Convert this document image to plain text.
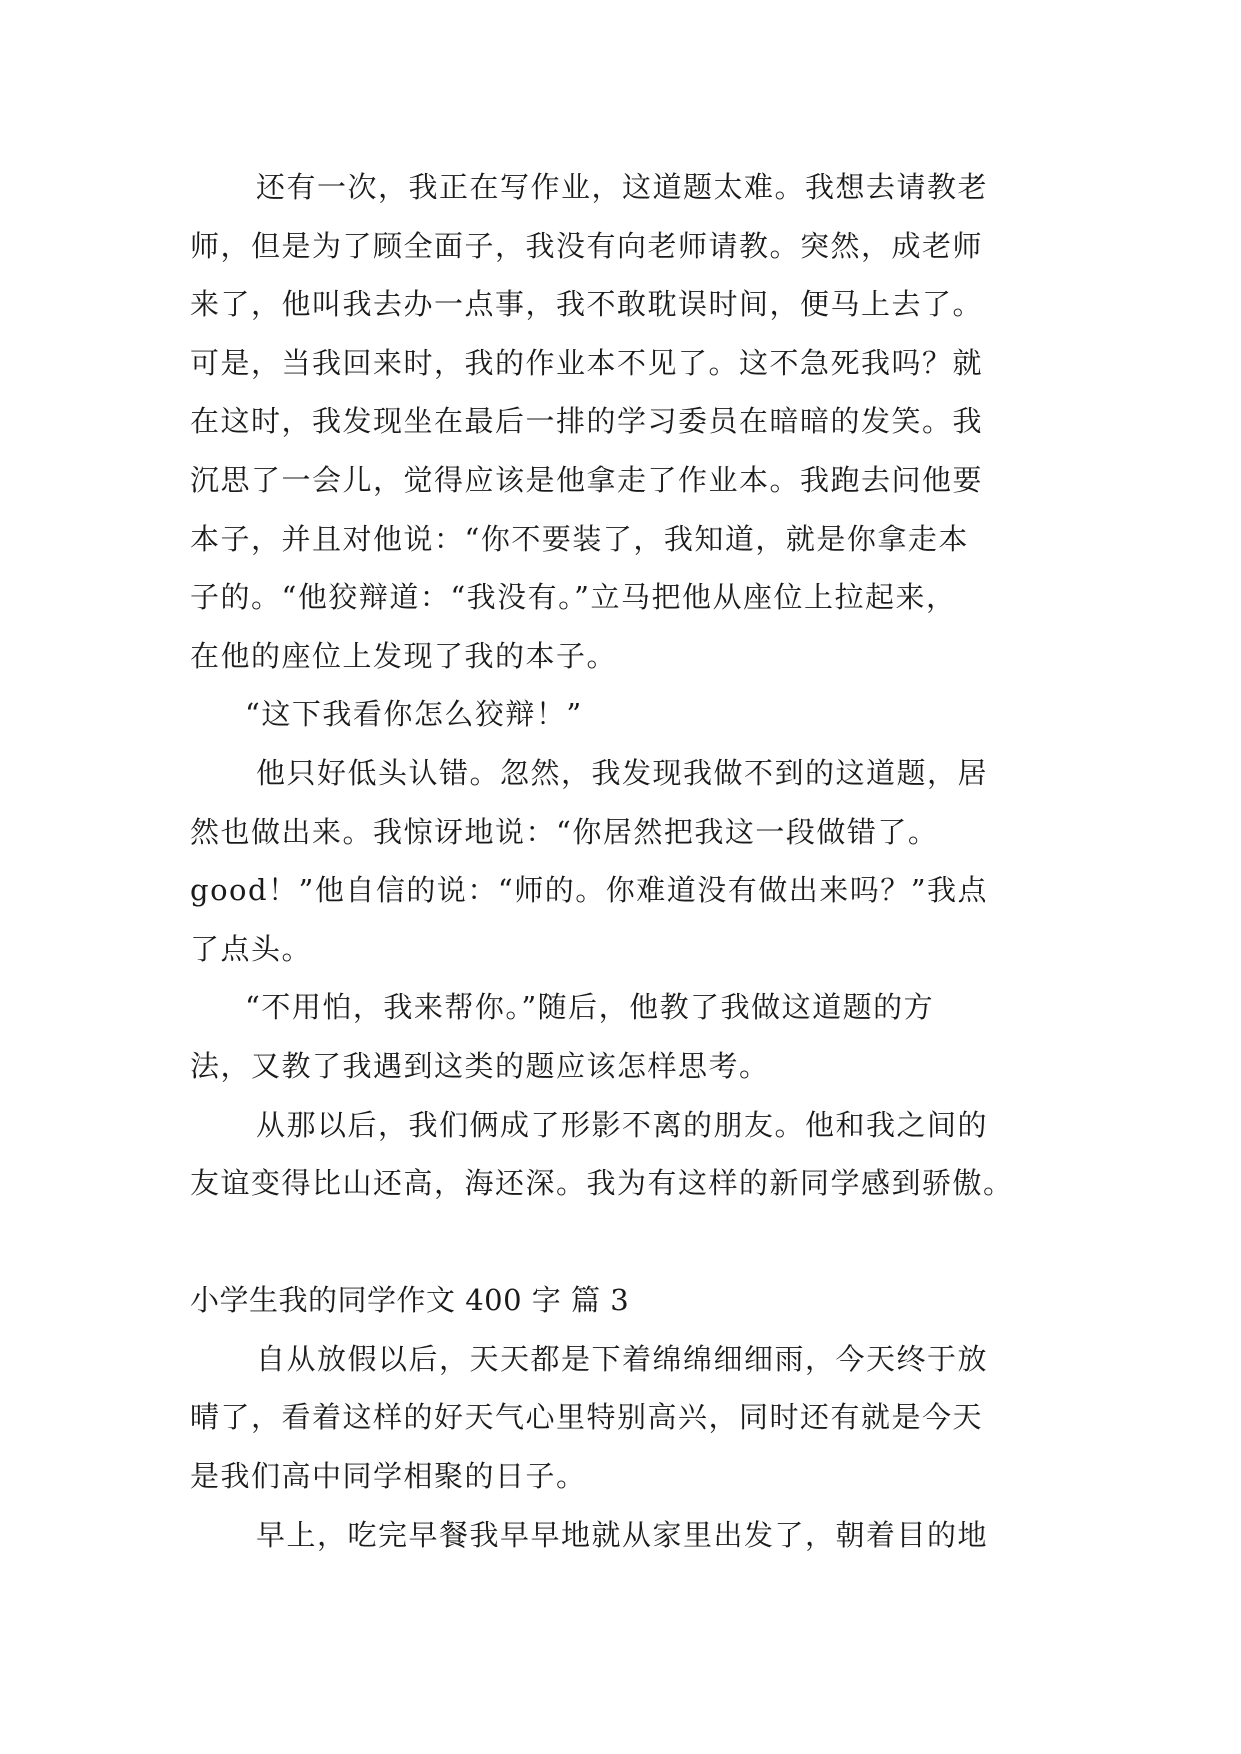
还有一次，我正在写作业，这道题太难。我想去请教老
师，但是为了顾全面子，我没有向老师请教。突然，成老师
来了，他叫我去办一点事，我不敢耽误时间，便马上去了。
可是，当我回来时，我的作业本不见了。这不急死我吗？就
在这时，我发现坐在最后一排的学习委员在暗暗的发笑。我
沉思了一会儿，觉得应该是他拿走了作业本。我跑去问他要
本子，并且对他说：“你不要装了，我知道，就是你拿走本
子的。“他狡辩道：“我没有。”立马把他从座位上拉起来，
在他的座位上发现了我的本子。
“这下我看你怎么狡辩！”
他只好低头认错。忽然，我发现我做不到的这道题，居
然也做出来。我惊讶地说：“你居然把我这一段做错了。
good！”他自信的说：“师的。你难道没有做出来吗？”我点
了点头。
“不用怕，我来帮你。”随后，他教了我做这道题的方
法，又教了我遇到这类的题应该怎样思考。
从那以后，我们俩成了形影不离的朋友。他和我之间的
友谊变得比山还高，海还深。我为有这样的新同学感到骄傲。
小学生我的同学作文 400 字 篇 3
自从放假以后，天天都是下着绵绵细细雨，今天终于放
晴了，看着这样的好天气心里特别高兴，同时还有就是今天
是我们高中同学相聚的日子。
早上，吃完早餐我早早地就从家里出发了，朝着目的地
